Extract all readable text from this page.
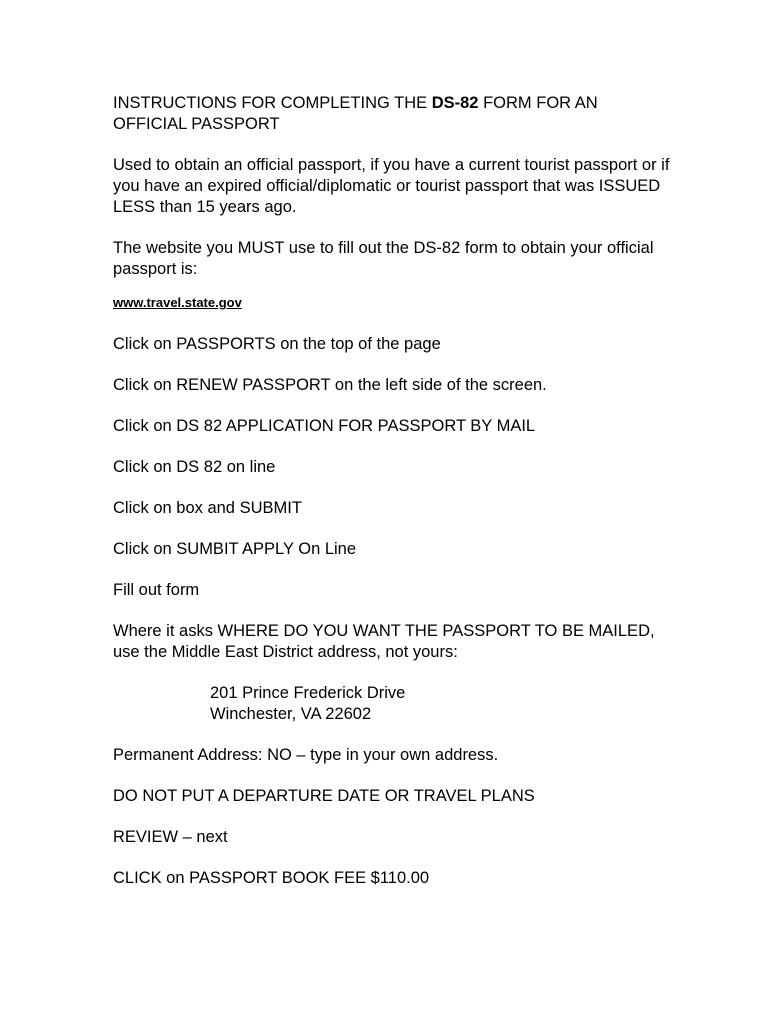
INSTRUCTIONS FOR COMPLETING THE DS-82 FORM FOR AN OFFICIAL PASSPORT

Used to obtain an official passport, if you have a current tourist passport or if you have an expired official/diplomatic or tourist passport that was ISSUED LESS than 15 years ago.

The website you MUST use to fill out the DS-82 form to obtain your official passport is:

www.travel.state.gov

Click on PASSPORTS on the top of the page

Click on RENEW PASSPORT on the left side of the screen.

Click on DS 82 APPLICATION FOR PASSPORT BY MAIL

Click on DS 82 on line

Click on box and SUBMIT

Click on SUMBIT APPLY On Line

Fill out form

Where it asks WHERE DO YOU WANT THE PASSPORT TO BE MAILED, use the Middle East District address, not yours:

201 Prince Frederick Drive
Winchester, VA 22602

Permanent Address: NO – type in your own address.

DO NOT PUT A DEPARTURE DATE OR TRAVEL PLANS

REVIEW – next

CLICK on PASSPORT BOOK FEE $110.00
